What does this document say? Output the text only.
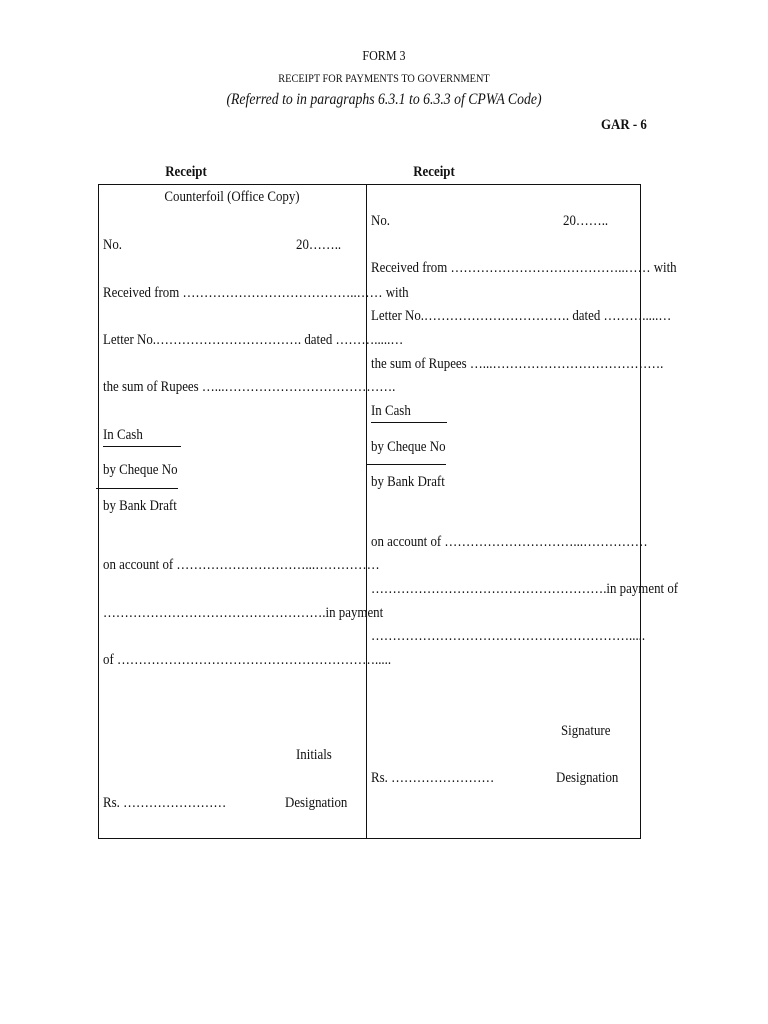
FORM 3
RECEIPT FOR PAYMENTS TO GOVERNMENT
(Referred to in paragraphs 6.3.1 to 6.3.3 of CPWA Code)
GAR - 6
Receipt	Receipt
Counterfoil (Office Copy)
No.	20……..
Received from …………………………………..…… with
Letter No.……………………………. dated ……….....…
the sum of Rupees …...………………………………….
In Cash
by Cheque No
by Bank Draft
on account of …………………………...……………
…………………………………………….in payment
of …………………………………………………….....
Initials
Rs. ……………………	Designation
No.	20……..
Received from …………………………………..…… with
Letter No.……………………………. dated ……….....…
the sum of Rupees …...………………………………….
In Cash
by Cheque No
by Bank Draft
on account of …………………………...……………
……………………………………………….in payment of
…………………………………………………….....
Signature
Rs. ……………………	Designation
